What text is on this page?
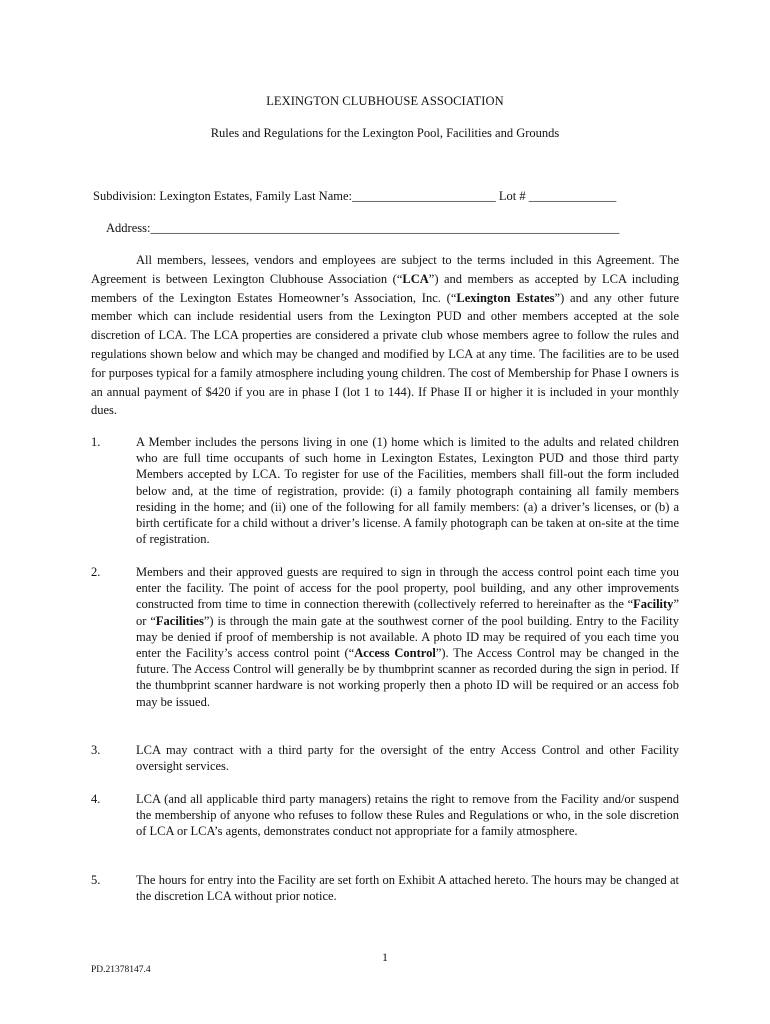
LEXINGTON CLUBHOUSE ASSOCIATION
Rules and Regulations for the Lexington Pool, Facilities and Grounds
Subdivision: Lexington Estates, Family Last Name:_______________________ Lot # ______________
Address:___________________________________________________________________________

All members, lessees, vendors and employees are subject to the terms included in this Agreement. The Agreement is between Lexington Clubhouse Association (“LCA”) and members as accepted by LCA including members of the Lexington Estates Homeowner’s Association, Inc. (“Lexington Estates”) and any other future member which can include residential users from the Lexington PUD and other members accepted at the sole discretion of LCA. The LCA properties are considered a private club whose members agree to follow the rules and regulations shown below and which may be changed and modified by LCA at any time. The facilities are to be used for purposes typical for a family atmosphere including young children. The cost of Membership for Phase I owners is an annual payment of $420 if you are in phase I (lot 1 to 144). If Phase II or higher it is included in your monthly dues.

1.	A Member includes the persons living in one (1) home which is limited to the adults and related children who are full time occupants of such home in Lexington Estates, Lexington PUD and those third party Members accepted by LCA. To register for use of the Facilities, members shall fill-out the form included below and, at the time of registration, provide: (i) a family photograph containing all family members residing in the home; and (ii) one of the following for all family members: (a) a driver’s licenses, or (b) a birth certificate for a child without a driver’s license. A family photograph can be taken at on-site at the time of registration.
2.	Members and their approved guests are required to sign in through the access control point each time you enter the facility. The point of access for the pool property, pool building, and any other improvements constructed from time to time in connection therewith (collectively referred to hereinafter as the “Facility” or “Facilities”) is through the main gate at the southwest corner of the pool building. Entry to the Facility may be denied if proof of membership is not available. A photo ID may be required of you each time you enter the Facility’s access control point (“Access Control”). The Access Control may be changed in the future. The Access Control will generally be by thumbprint scanner as recorded during the sign in period. If the thumbprint scanner hardware is not working properly then a photo ID will be required or an access fob may be issued.
3.	LCA may contract with a third party for the oversight of the entry Access Control and other Facility oversight services.
4.	LCA (and all applicable third party managers) retains the right to remove from the Facility and/or suspend the membership of anyone who refuses to follow these Rules and Regulations or who, in the sole discretion of LCA or LCA’s agents, demonstrates conduct not appropriate for a family atmosphere.
5.	The hours for entry into the Facility are set forth on Exhibit A attached hereto. The hours may be changed at the discretion LCA without prior notice.
1
PD.21378147.4
